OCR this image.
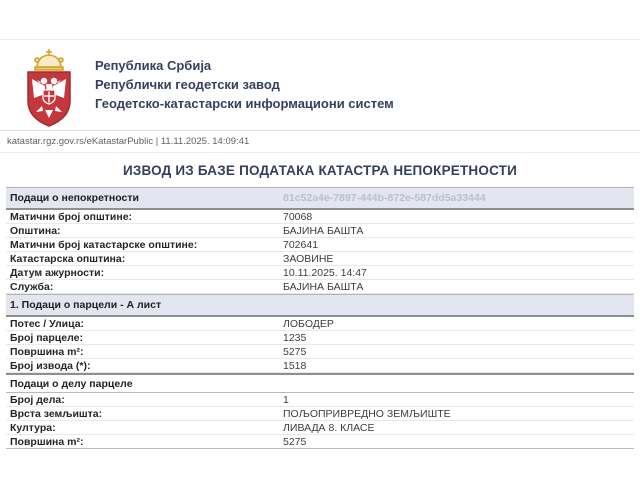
Република Србија
Републички геодетски завод
Геодетско-катастарски информациони систем
katastar.rgz.gov.rs/eKatastarPublic | 11.11.2025. 14:09:41
ИЗВОД ИЗ БАЗЕ ПОДАТАКА КАТАСТРА НЕПОКРЕТНОСТИ
Подаци о непокретности	81c52a4e-7897-444b-872e-587dd5a33444
Матични број општине:	70068
Општина:	БАЈИНА БАШТА
Матични број катастарске општине:	702641
Катастарска општина:	ЗАОВИНЕ
Датум ажурности:	10.11.2025. 14:47
Служба:	БАЈИНА БАШТА
1. Подаци о парцели - А лист
Потес / Улица:	ЛОБОДЕР
Број парцеле:	1235
Површина m²:	5275
Број извода (*):	1518
Подаци о делу парцеле
Број дела:	1
Врста земљишта:	ПОЉОПРИВРЕДНО ЗЕМЉИШТЕ
Култура:	ЛИВАДА 8. КЛАСЕ
Површина m²:	5275
